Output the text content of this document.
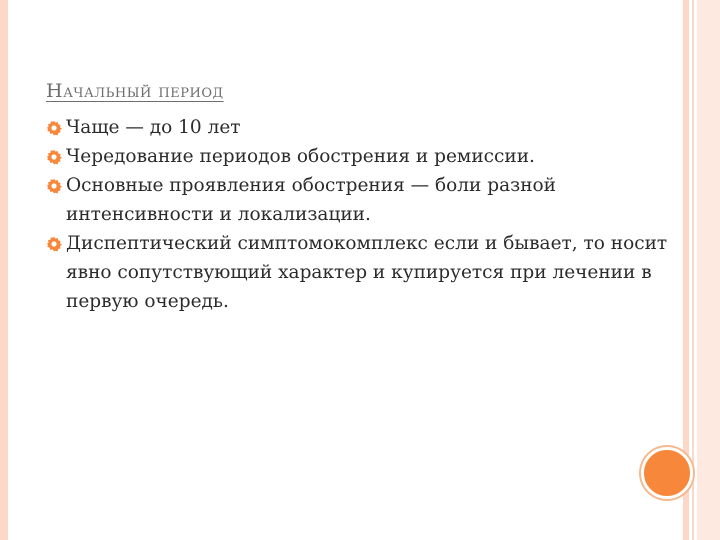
Начальный период
Чаще — до 10 лет
Чередование периодов обострения и ремиссии.
Основные проявления обострения — боли разной интенсивности и локализации.
Диспептический симптомокомплекс если и бывает, то носит явно сопутствующий характер и купируется при лечении в первую очередь.
